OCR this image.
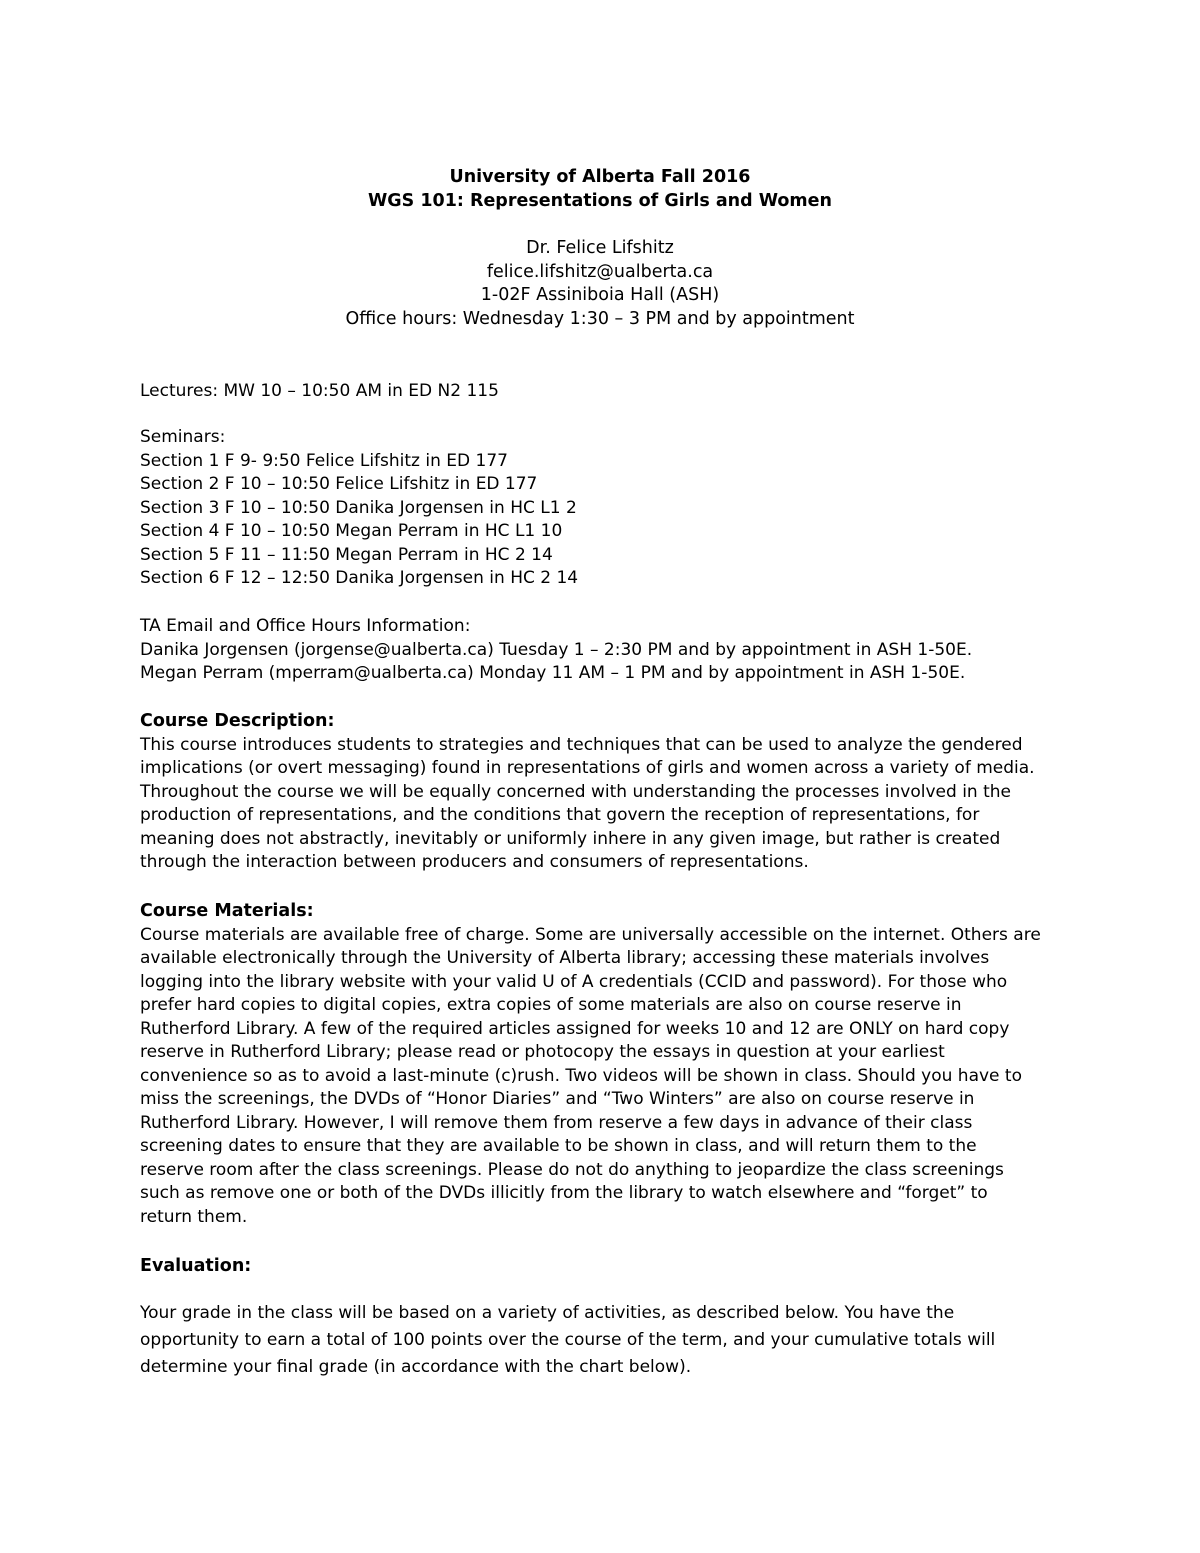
University of Alberta Fall 2016
WGS 101: Representations of Girls and Women
Dr. Felice Lifshitz
felice.lifshitz@ualberta.ca
1-02F Assiniboia Hall (ASH)
Office hours: Wednesday 1:30 – 3 PM and by appointment
Lectures: MW 10 – 10:50 AM in ED N2 115
Seminars:
Section 1 F 9- 9:50 Felice Lifshitz in ED 177
Section 2 F 10 – 10:50 Felice Lifshitz in ED 177
Section 3 F 10 – 10:50 Danika Jorgensen in HC L1 2
Section 4 F 10 – 10:50 Megan Perram in HC L1 10
Section 5 F 11 – 11:50 Megan Perram in HC 2 14
Section 6 F 12 – 12:50 Danika Jorgensen in HC 2 14
TA Email and Office Hours Information:
Danika Jorgensen (jorgense@ualberta.ca) Tuesday 1 – 2:30 PM and by appointment in ASH 1-50E.
Megan Perram (mperram@ualberta.ca) Monday 11 AM – 1 PM and by appointment in ASH 1-50E.
Course Description:
This course introduces students to strategies and techniques that can be used to analyze the gendered
implications (or overt messaging) found in representations of girls and women across a variety of media.
Throughout the course we will be equally concerned with understanding the processes involved in the
production of representations, and the conditions that govern the reception of representations, for
meaning does not abstractly, inevitably or uniformly inhere in any given image, but rather is created
through the interaction between producers and consumers of representations.
Course Materials:
Course materials are available free of charge. Some are universally accessible on the internet. Others are
available electronically through the University of Alberta library; accessing these materials involves
logging into the library website with your valid U of A credentials (CCID and password). For those who
prefer hard copies to digital copies, extra copies of some materials are also on course reserve in
Rutherford Library. A few of the required articles assigned for weeks 10 and 12 are ONLY on hard copy
reserve in Rutherford Library; please read or photocopy the essays in question at your earliest
convenience so as to avoid a last-minute (c)rush. Two videos will be shown in class. Should you have to
miss the screenings, the DVDs of “Honor Diaries” and “Two Winters” are also on course reserve in
Rutherford Library. However, I will remove them from reserve a few days in advance of their class
screening dates to ensure that they are available to be shown in class, and will return them to the
reserve room after the class screenings. Please do not do anything to jeopardize the class screenings
such as remove one or both of the DVDs illicitly from the library to watch elsewhere and “forget” to
return them.
Evaluation:
Your grade in the class will be based on a variety of activities, as described below. You have the
opportunity to earn a total of 100 points over the course of the term, and your cumulative totals will
determine your final grade (in accordance with the chart below).
